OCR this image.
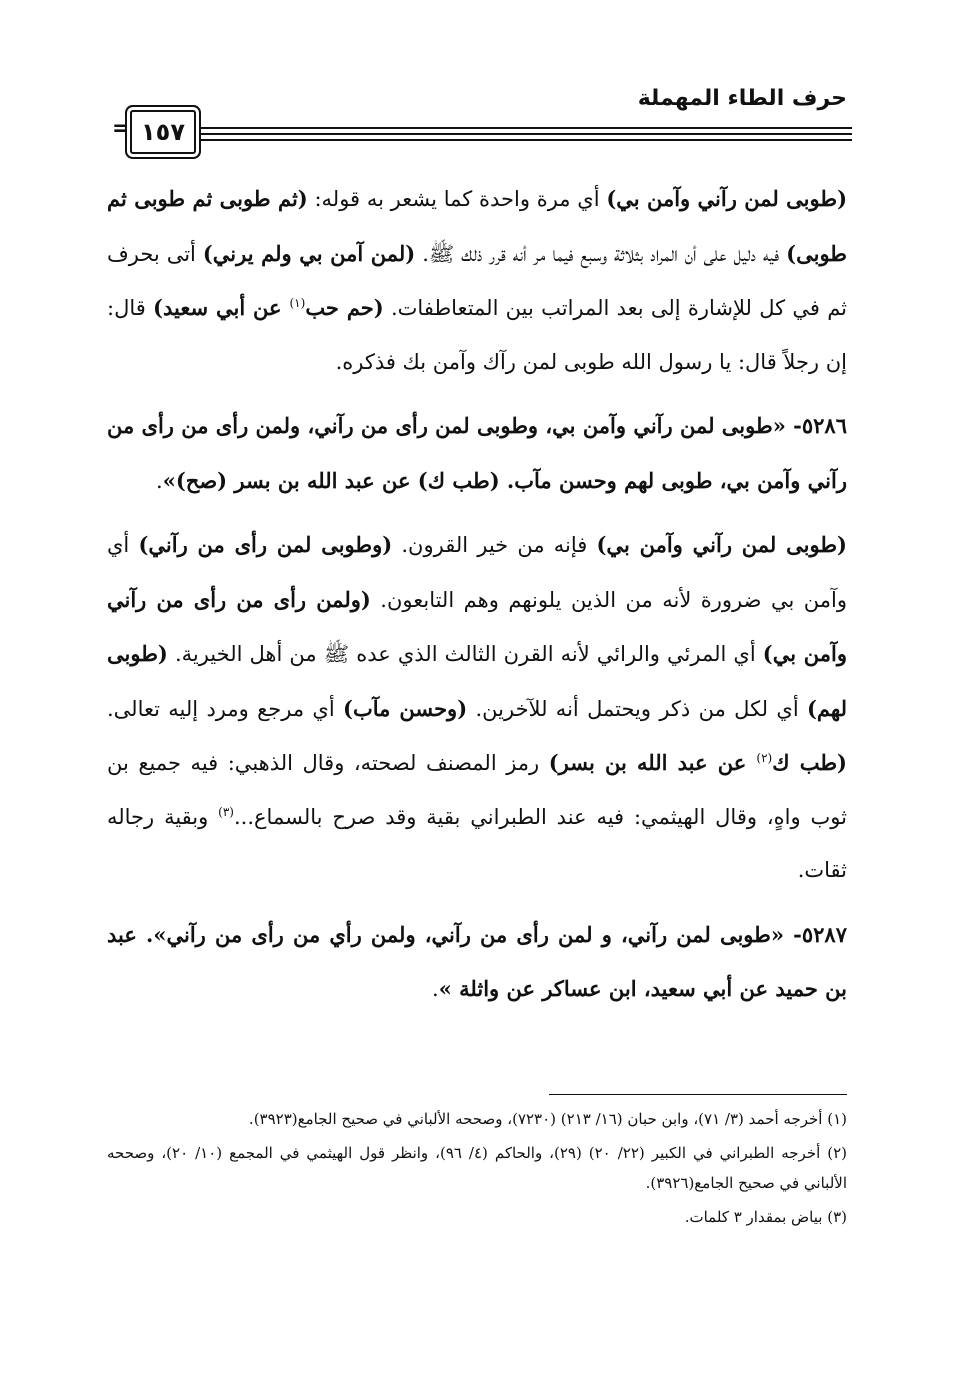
حرف الطاء المهملة
= ١٥٧

(طوبى لمن رآني وآمن بي) أي مرة واحدة كما يشعر به قوله: (ثم طوبى ثم طوبى ثم طوبى) فيه دليل على أن المراد بثلاثة وسبع فيما مر أنه قرر ذلك ﷺ. (لمن آمن بي ولم يرني) أتى بحرف ثم في كل للإشارة إلى بعد المراتب بين المتعاطفات. (حم حب$^{(١)}$ عن أبي سعيد) قال: إن رجلاً قال: يا رسول الله طوبى لمن رآك وآمن بك فذكره.

٥٢٨٦- «طوبى لمن رآني وآمن بي، وطوبى لمن رأى من رآني، ولمن رأى من رأى من رآني وآمن بي، طوبى لهم وحسن مآب. (طب ك) عن عبد الله بن بسر (صح)».

(طوبى لمن رآني وآمن بي) فإنه من خير القرون. (وطوبى لمن رأى من رآني) أي وآمن بي ضرورة لأنه من الذين يلونهم وهم التابعون. (ولمن رأى من رأى من رآني وآمن بي) أي المرئي والرائي لأنه القرن الثالث الذي عده ﷺ من أهل الخيرية. (طوبى لهم) أي لكل من ذكر ويحتمل أنه للآخرين. (وحسن مآب) أي مرجع ومرد إليه تعالى. (طب ك$^{(٢)}$ عن عبد الله بن بسر) رمز المصنف لصحته، وقال الذهبي: فيه جميع بن ثوب واهٍ، وقال الهيثمي: فيه عند الطبراني بقية وقد صرح بالسماع...$^{(٣)}$ وبقية رجاله ثقات.

٥٢٨٧- «طوبى لمن رآني، و لمن رأى من رآني، ولمن رأي من رأى من رآني». عبد بن حميد عن أبي سعيد، ابن عساكر عن واثلة ».

(١) أخرجه أحمد (٣/ ٧١)، وابن حبان (١٦/ ٢١٣) (٧٢٣٠)، وصححه الألباني في صحيح الجامع(٣٩٢٣).

(٢) أخرجه الطبراني في الكبير (٢٢/ ٢٠) (٢٩)، والحاكم (٤/ ٩٦)، وانظر قول الهيثمي في المجمع (١٠/ ٢٠)، وصححه الألباني في صحيح الجامع(٣٩٢٦).

(٣) بياض بمقدار ٣ كلمات.
